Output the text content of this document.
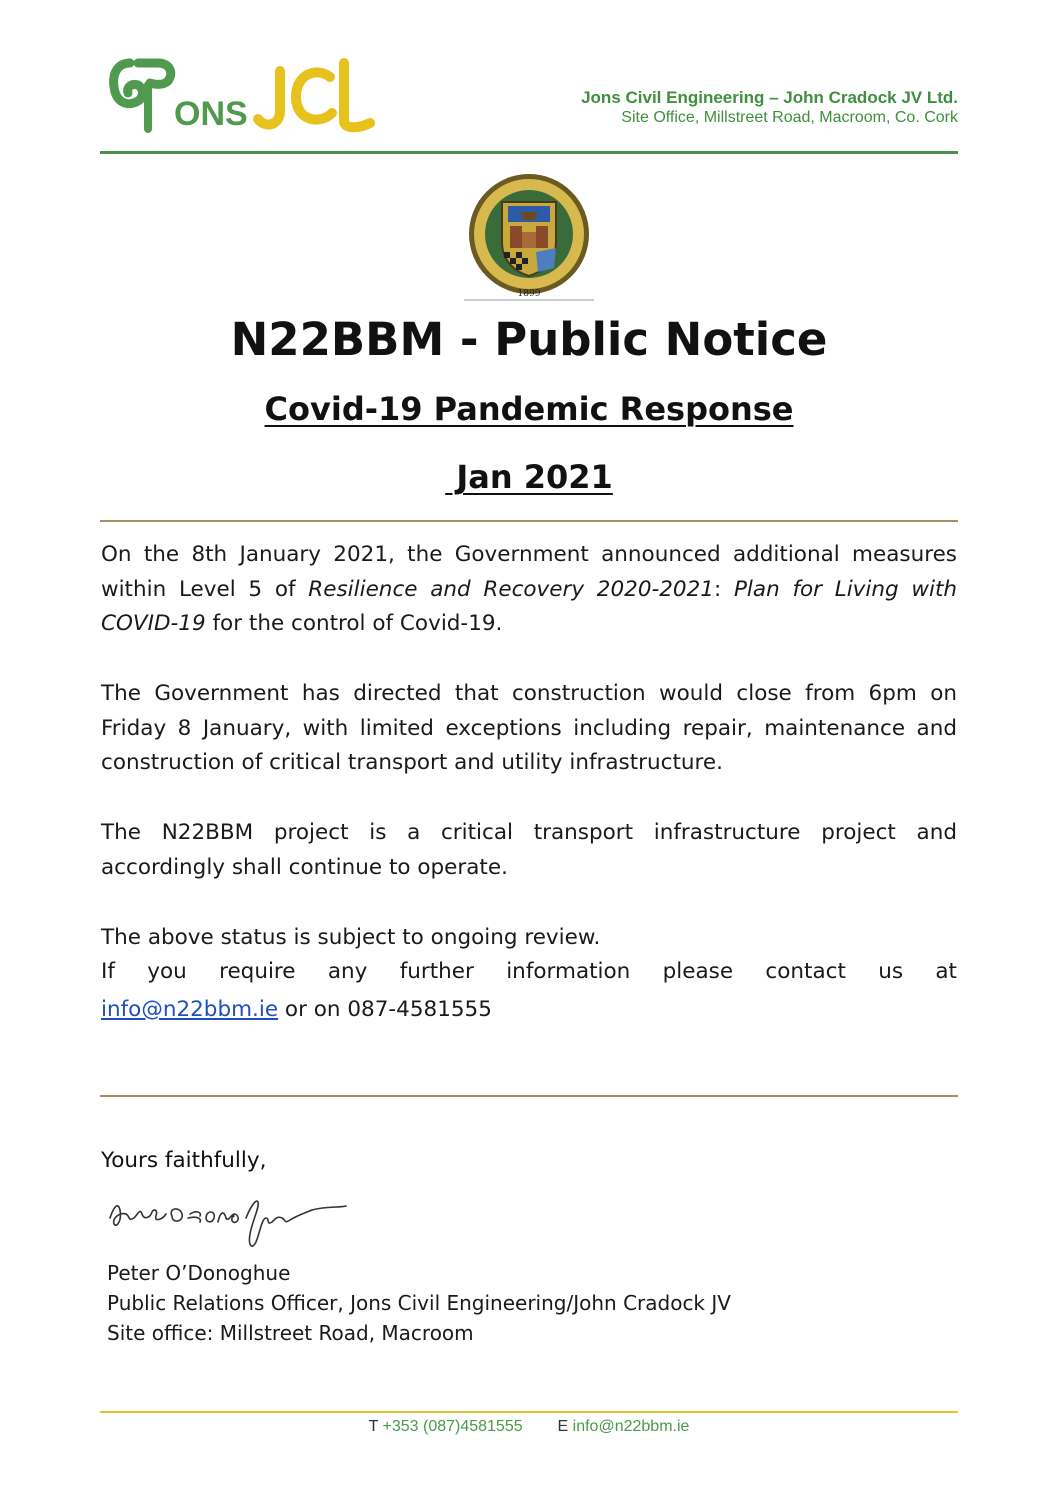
ONS	Jons Civil Engineering – John Cradock JV Ltd.
Site Office, Millstreet Road, Macroom, Co. Cork
1899
N22BBM - Public Notice
Covid-19 Pandemic Response
Jan 2021
On the 8th January 2021, the Government announced additional measures within Level 5 of Resilience and Recovery 2020-2021: Plan for Living with COVID-19 for the control of Covid-19.
The Government has directed that construction would close from 6pm on Friday 8 January, with limited exceptions including repair, maintenance and construction of critical transport and utility infrastructure.
The N22BBM project is a critical transport infrastructure project and accordingly shall continue to operate.
The above status is subject to ongoing review.
If you require any further information please contact us at
info@n22bbm.ie or on 087-4581555
Yours faithfully,
Peter O’Donoghue
Public Relations Officer, Jons Civil Engineering/John Cradock JV
Site office: Millstreet Road, Macroom
T +353 (087)4581555 E info@n22bbm.ie
